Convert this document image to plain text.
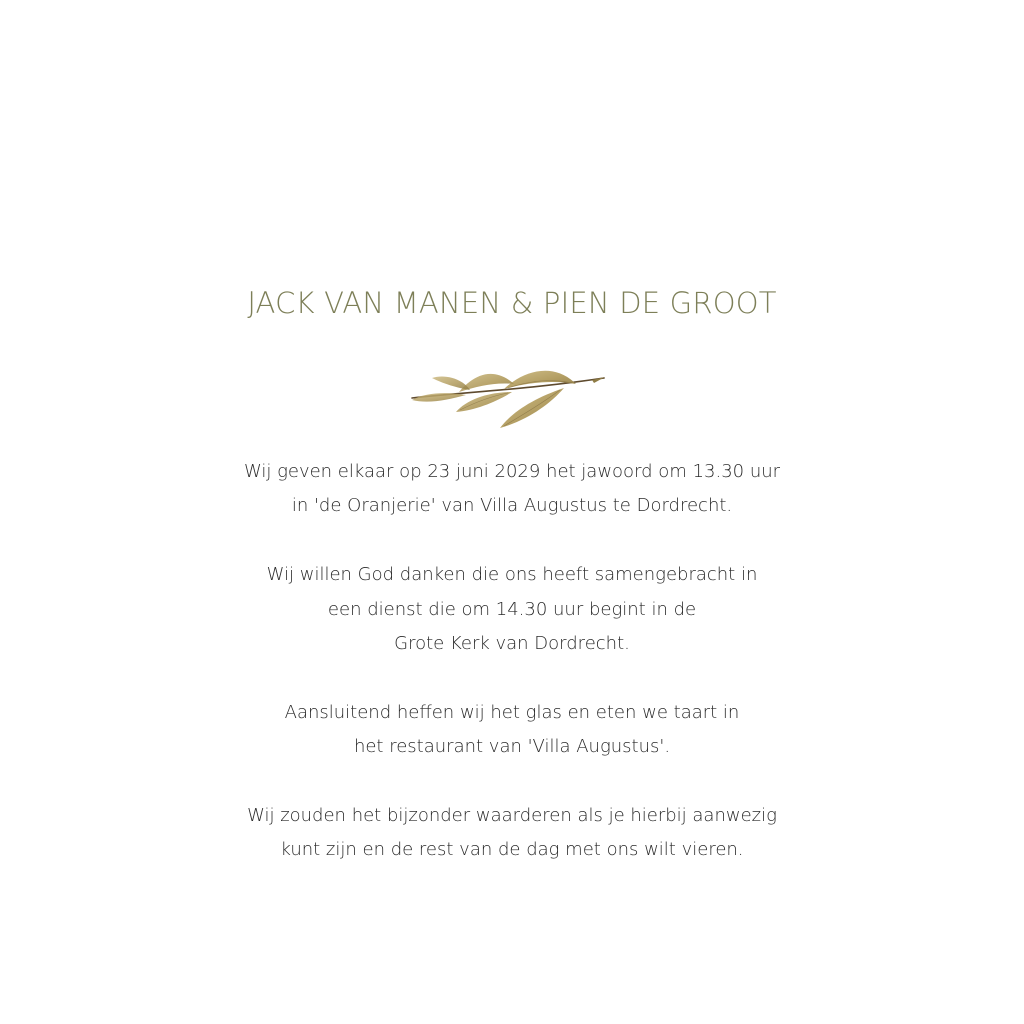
JACK VAN MANEN & PIEN DE GROOT

Wij geven elkaar op 23 juni 2029 het jawoord om 13.30 uur
in 'de Oranjerie' van Villa Augustus te Dordrecht.

Wij willen God danken die ons heeft samengebracht in
een dienst die om 14.30 uur begint in de
Grote Kerk van Dordrecht.

Aansluitend heffen wij het glas en eten we taart in
het restaurant van 'Villa Augustus'.

Wij zouden het bijzonder waarderen als je hierbij aanwezig
kunt zijn en de rest van de dag met ons wilt vieren.
